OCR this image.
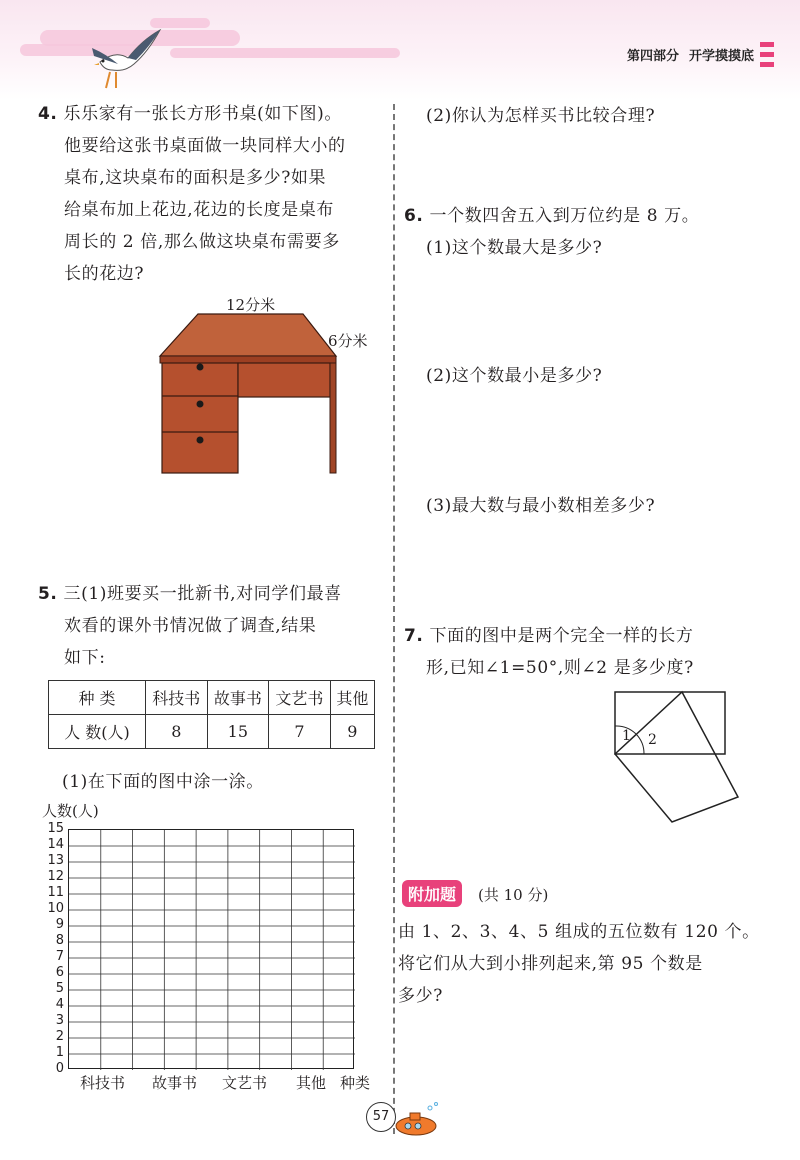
第四部分 开学摸摸底
4. 乐乐家有一张长方形书桌(如下图)。
他要给这张书桌面做一块同样大小的
桌布,这块桌布的面积是多少?如果
给桌布加上花边,花边的长度是桌布
周长的 2 倍,那么做这块桌布需要多
长的花边?
12分米
6分米
5. 三(1)班要买一批新书,对同学们最喜
欢看的课外书情况做了调查,结果
如下:
种 类	科技书	故事书	文艺书	其他
人 数(人)	8	15	7	9
(1)在下面的图中涂一涂。
人数(人)
15
14
13
12
11
10
9
8
7
6
5
4
3
2
1
0
科技书 故事书 文艺书 其他 种类
(2)你认为怎样买书比较合理?
6. 一个数四舍五入到万位约是 8 万。
(1)这个数最大是多少?
(2)这个数最小是多少?
(3)最大数与最小数相差多少?
7. 下面的图中是两个完全一样的长方
形,已知∠1=50°,则∠2 是多少度?
1 2
附加题	(共 10 分)
由 1、2、3、4、5 组成的五位数有 120 个。
将它们从大到小排列起来,第 95 个数是
多少?
57
